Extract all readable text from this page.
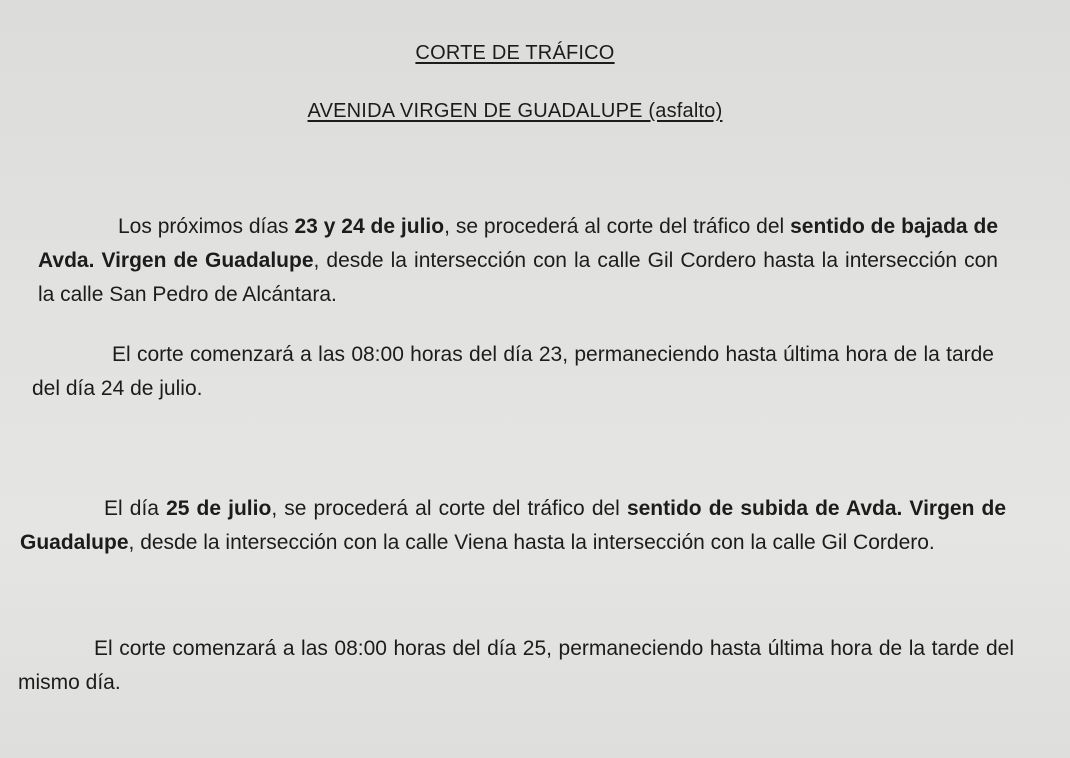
CORTE DE TRÁFICO
AVENIDA VIRGEN DE GUADALUPE (asfalto)

Los próximos días 23 y 24 de julio, se procederá al corte del tráfico del sentido de bajada de Avda. Virgen de Guadalupe, desde la intersección con la calle Gil Cordero hasta la intersección con la calle San Pedro de Alcántara.

El corte comenzará a las 08:00 horas del día 23, permaneciendo hasta última hora de la tarde del día 24 de julio.

El día 25 de julio, se procederá al corte del tráfico del sentido de subida de Avda. Virgen de Guadalupe, desde la intersección con la calle Viena hasta la intersección con la calle Gil Cordero.

El corte comenzará a las 08:00 horas del día 25, permaneciendo hasta última hora de la tarde del mismo día.
